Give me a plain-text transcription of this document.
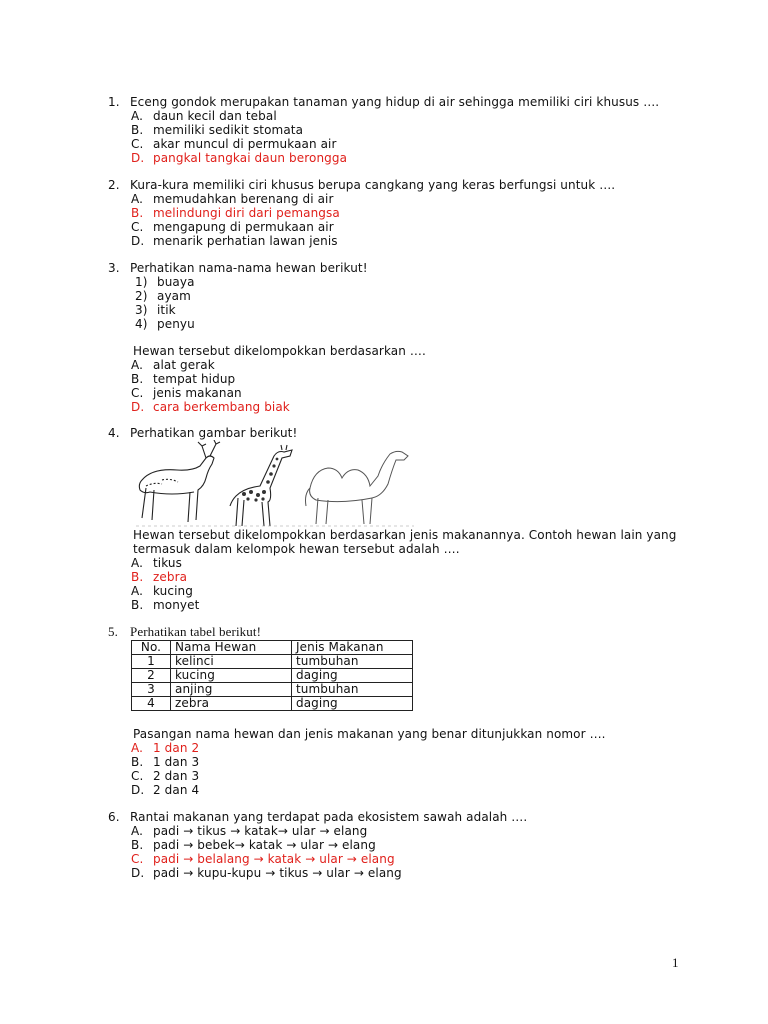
1. Eceng gondok merupakan tanaman yang hidup di air sehingga memiliki ciri khusus ….
A. daun kecil dan tebal
B. memiliki sedikit stomata
C. akar muncul di permukaan air
D. pangkal tangkai daun berongga
2. Kura-kura memiliki ciri khusus berupa cangkang yang keras berfungsi untuk ….
A. memudahkan berenang di air
B. melindungi diri dari pemangsa
C. mengapung di permukaan air
D. menarik perhatian lawan jenis
3. Perhatikan nama-nama hewan berikut!
1) buaya
2) ayam
3) itik
4) penyu
Hewan tersebut dikelompokkan berdasarkan ….
A. alat gerak
B. tempat hidup
C. jenis makanan
D. cara berkembang biak
4. Perhatikan gambar berikut!
Hewan tersebut dikelompokkan berdasarkan jenis makanannya. Contoh hewan lain yang
termasuk dalam kelompok hewan tersebut adalah ….
A. tikus
B. zebra
A. kucing
B. monyet
5. Perhatikan tabel berikut!
No.	Nama Hewan	Jenis Makanan
1	kelinci	tumbuhan
2	kucing	daging
3	anjing	tumbuhan
4	zebra	daging
Pasangan nama hewan dan jenis makanan yang benar ditunjukkan nomor ….
A. 1 dan 2
B. 1 dan 3
C. 2 dan 3
D. 2 dan 4
6. Rantai makanan yang terdapat pada ekosistem sawah adalah ….
A. padi → tikus → katak→ ular → elang
B. padi → bebek→ katak → ular → elang
C. padi → belalang → katak → ular → elang
D. padi → kupu-kupu → tikus → ular → elang
1
